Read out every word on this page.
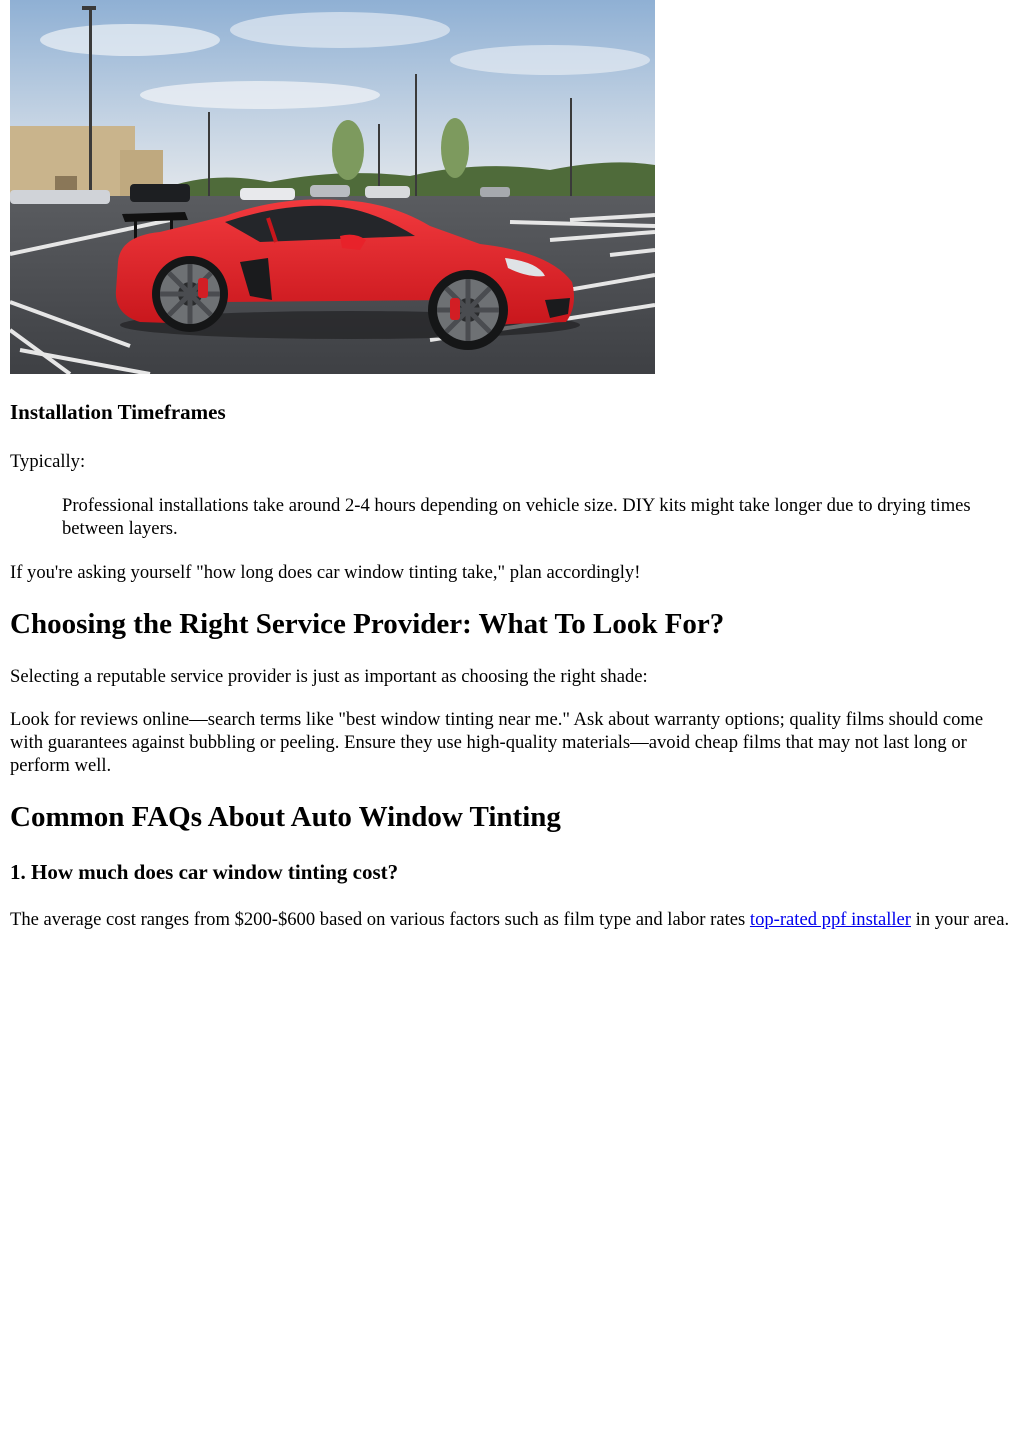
Installation Timeframes

Typically:

Professional installations take around 2-4 hours depending on vehicle size. DIY kits might take longer due to drying times between layers.

If you're asking yourself "how long does car window tinting take," plan accordingly!

Choosing the Right Service Provider: What To Look For?

Selecting a reputable service provider is just as important as choosing the right shade:

Look for reviews online—search terms like "best window tinting near me." Ask about warranty options; quality films should come with guarantees against bubbling or peeling. Ensure they use high-quality materials—avoid cheap films that may not last long or perform well.

Common FAQs About Auto Window Tinting
1. How much does car window tinting cost?

The average cost ranges from $200-$600 based on various factors such as film type and labor rates top-rated ppf installer in your area.
